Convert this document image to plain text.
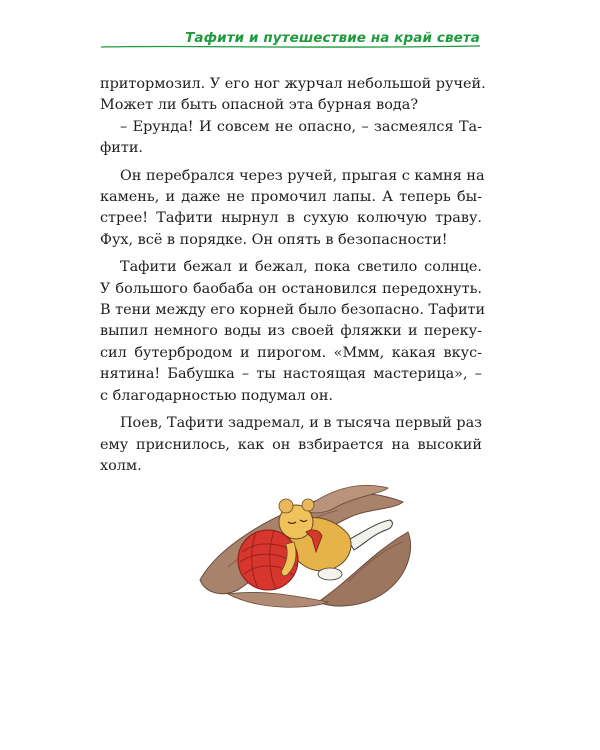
Тафити и путешествие на край света

притормозил. У его ног журчал небольшой ручей.

Может ли быть опасной эта бурная вода?

– Ерунда! И совсем не опасно, – засмеялся Та-

фити.

Он перебрался через ручей, прыгая с камня на

камень, и даже не промочил лапы. А теперь бы-

стрее! Тафити нырнул в сухую колючую траву.

Фух, всё в порядке. Он опять в безопасности!

Тафити бежал и бежал, пока светило солнце.

У большого баобаба он остановился передохнуть.

В тени между его корней было безопасно. Тафити

выпил немного воды из своей фляжки и переку-

сил бутербродом и пирогом. «Ммм, какая вкус-

нятина! Бабушка – ты настоящая мастерица», –

с благодарностью подумал он.

Поев, Тафити задремал, и в тысяча первый раз

ему приснилось, как он взбирается на высокий

холм.
